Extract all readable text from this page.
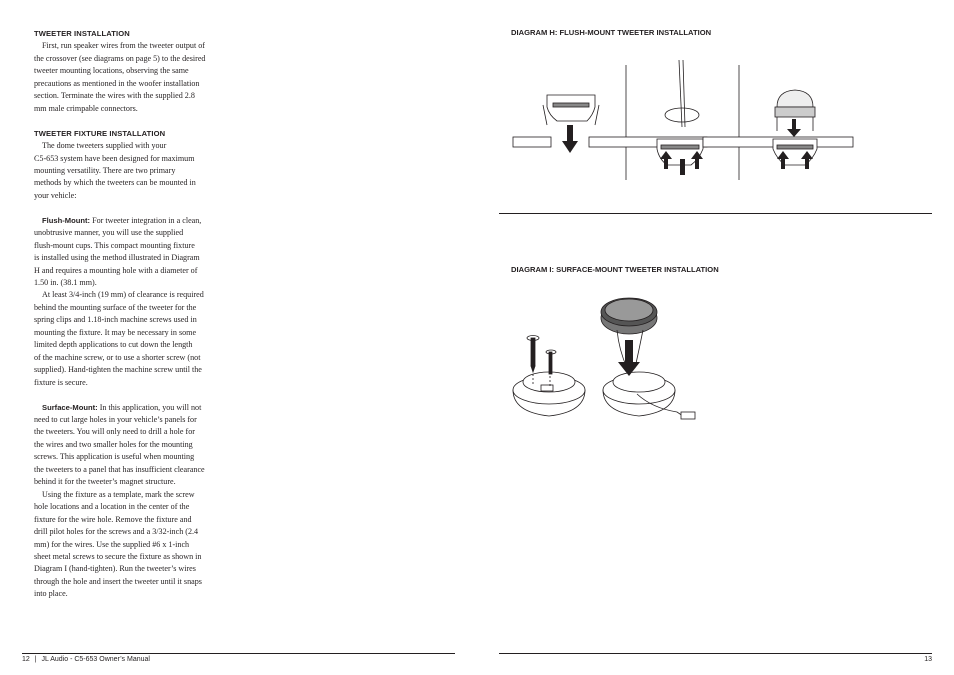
TWEETER INSTALLATION

First, run speaker wires from the tweeter output of

the crossover (see diagrams on page 5) to the desired

tweeter mounting locations, observing the same

precautions as mentioned in the woofer installation

section. Terminate the wires with the supplied 2.8

mm male crimpable connectors.

TWEETER FIXTURE INSTALLATION

The dome tweeters supplied with your

C5-653 system have been designed for maximum

mounting versatility. There are two primary

methods by which the tweeters can be mounted in

your vehicle:

Flush-Mount: For tweeter integration in a clean,

unobtrusive manner, you will use the supplied

flush-mount cups. This compact mounting fixture

is installed using the method illustrated in Diagram

H and requires a mounting hole with a diameter of

1.50 in. (38.1 mm).

At least 3/4-inch (19 mm) of clearance is required

behind the mounting surface of the tweeter for the

spring clips and 1.18-inch machine screws used in

mounting the fixture. It may be necessary in some

limited depth applications to cut down the length

of the machine screw, or to use a shorter screw (not

supplied). Hand-tighten the machine screw until the

fixture is secure.

Surface-Mount: In this application, you will not

need to cut large holes in your vehicle’s panels for

the tweeters. You will only need to drill a hole for

the wires and two smaller holes for the mounting

screws. This application is useful when mounting

the tweeters to a panel that has insufficient clearance

behind it for the tweeter’s magnet structure.

Using the fixture as a template, mark the screw

hole locations and a location in the center of the

fixture for the wire hole. Remove the fixture and

drill pilot holes for the screws and a 3/32-inch (2.4

mm) for the wires. Use the supplied #6 x 1-inch

sheet metal screws to secure the fixture as shown in

Diagram I (hand-tighten). Run the tweeter’s wires

through the hole and insert the tweeter until it snaps

into place.

12 | JL Audio - C5-653 Owner’s Manual
DIAGRAM H: FLUSH-MOUNT TWEETER INSTALLATION
DIAGRAM I: SURFACE-MOUNT TWEETER INSTALLATION
13
